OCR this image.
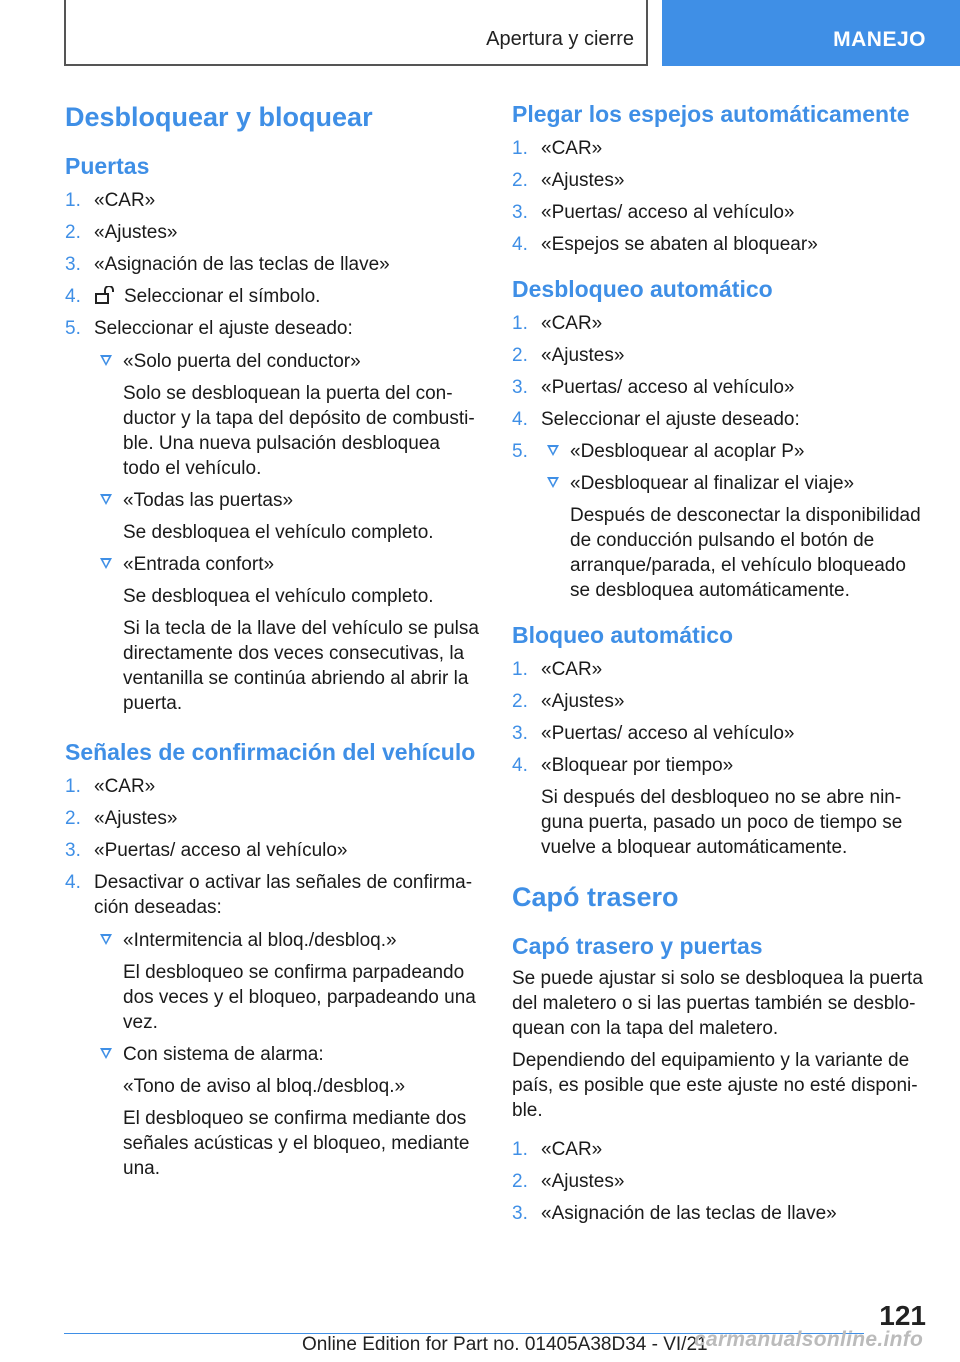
Apertura y cierre	MANEJO
Desbloquear y bloquear
Puertas
1. «CAR»
2. «Ajustes»
3. «Asignación de las teclas de llave»
4. Seleccionar el símbolo.
5. Seleccionar el ajuste deseado:
«Solo puerta del conductor»
Solo se desbloquean la puerta del conductor y la tapa del depósito de combustible. Una nueva pulsación desbloquea todo el vehículo.
«Todas las puertas»
Se desbloquea el vehículo completo.
«Entrada confort»
Se desbloquea el vehículo completo.
Si la tecla de la llave del vehículo se pulsa directamente dos veces consecutivas, la ventanilla se continúa abriendo al abrir la puerta.
Señales de confirmación del vehículo
1. «CAR»
2. «Ajustes»
3. «Puertas/ acceso al vehículo»
4. Desactivar o activar las señales de confirmación deseadas:
«Intermitencia al bloq./desbloq.»
El desbloqueo se confirma parpadeando dos veces y el bloqueo, parpadeando una vez.
Con sistema de alarma:
«Tono de aviso al bloq./desbloq.»
El desbloqueo se confirma mediante dos señales acústicas y el bloqueo, mediante una.
Plegar los espejos automáticamente
1. «CAR»
2. «Ajustes»
3. «Puertas/ acceso al vehículo»
4. «Espejos se abaten al bloquear»
Desbloqueo automático
1. «CAR»
2. «Ajustes»
3. «Puertas/ acceso al vehículo»
4. Seleccionar el ajuste deseado:
5.	«Desbloquear al acoplar P»
«Desbloquear al finalizar el viaje»
Después de desconectar la disponibilidad de conducción pulsando el botón de arranque/parada, el vehículo bloqueado se desbloquea automáticamente.
Bloqueo automático
1. «CAR»
2. «Ajustes»
3. «Puertas/ acceso al vehículo»
4. «Bloquear por tiempo»
Si después del desbloqueo no se abre ninguna puerta, pasado un poco de tiempo se vuelve a bloquear automáticamente.
Capó trasero
Capó trasero y puertas

Se puede ajustar si solo se desbloquea la puerta del maletero o si las puertas también se desbloquean con la tapa del maletero.

Dependiendo del equipamiento y la variante de país, es posible que este ajuste no esté disponible.

1. «CAR»
2. «Ajustes»
3. «Asignación de las teclas de llave»
121
Online Edition for Part no. 01405A38D34 - VI/21
carmanualsonline.info
